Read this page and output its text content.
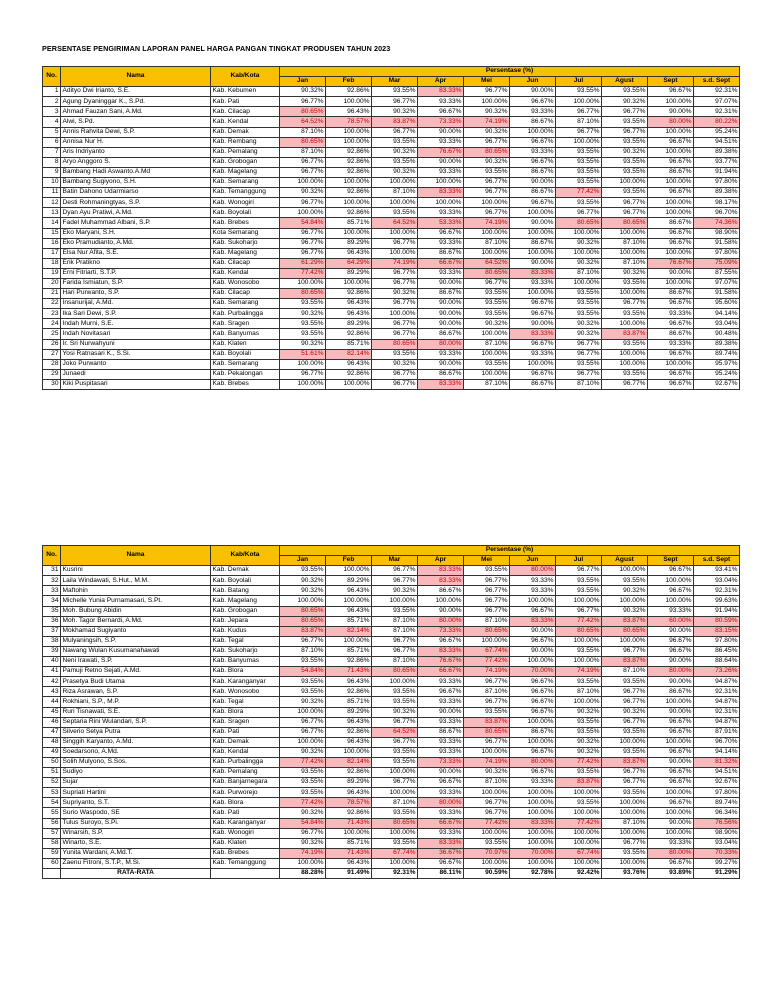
PERSENTASE PENGIRIMAN LAPORAN PANEL HARGA PANGAN TINGKAT PRODUSEN TAHUN 2023
No.	Nama	Kab/Kota	Persentase (%)									
			Jan	Feb	Mar	Apr	Mei	Jun	Jul	Agust	Sept	s.d. Sept
1	Adityo Dwi Irianto, S.E.	Kab. Kebumen	90.32%	92.86%	93.55%	83.33%	96.77%	90.00%	93.55%	93.55%	96.67%	92.31%
2	Agung Dyaninggar K., S.Pd.	Kab. Pati	96.77%	100.00%	96.77%	93.33%	100.00%	96.67%	100.00%	90.32%	100.00%	97.07%
3	Ahmad Fauzan Sani, A.Md.	Kab. Cilacap	80.65%	96.43%	90.32%	96.67%	90.32%	93.33%	96.77%	96.77%	90.00%	92.31%
4	Alwi, S.Pd.	Kab. Kendal	64.52%	78.57%	83.87%	73.33%	74.19%	86.67%	87.10%	93.55%	80.00%	80.22%
5	Annis Rahvita Dewi, S.P.	Kab. Demak	87.10%	100.00%	96.77%	90.00%	90.32%	100.00%	96.77%	96.77%	100.00%	95.24%
6	Annisa Nur H.	Kab. Rembang	80.65%	100.00%	93.55%	93.33%	96.77%	96.67%	100.00%	93.55%	96.67%	94.51%
7	Aris Indriyanto	Kab. Pemalang	87.10%	92.86%	90.32%	76.67%	80.65%	93.33%	93.55%	90.32%	100.00%	89.38%
8	Aryo Anggoro S.	Kab. Grobogan	96.77%	92.86%	93.55%	90.00%	90.32%	96.67%	93.55%	93.55%	96.67%	93.77%
9	Bambang Hadi Aswanto.A.Md	Kab. Magelang	96.77%	92.86%	90.32%	93.33%	93.55%	86.67%	93.55%	93.55%	86.67%	91.94%
10	Bambang Sugiyono, S.H.	Kab. Semarang	100.00%	100.00%	100.00%	100.00%	96.77%	90.00%	93.55%	100.00%	100.00%	97.80%
11	Batin Dahono Udarmiarso	Kab. Temanggung	90.32%	92.86%	87.10%	83.33%	96.77%	86.67%	77.42%	93.55%	96.67%	89.38%
12	Desti Rohmaningtyas, S.P.	Kab. Wonogiri	96.77%	100.00%	100.00%	100.00%	100.00%	96.67%	93.55%	96.77%	100.00%	98.17%
13	Dyan Ayu Pratiwi, A.Md.	Kab. Boyolali	100.00%	92.86%	93.55%	93.33%	96.77%	100.00%	96.77%	96.77%	100.00%	96.70%
14	Fadel Muhammad Albani, S.P.	Kab. Brebes	54.84%	85.71%	64.52%	53.33%	74.19%	90.00%	80.65%	80.65%	86.67%	74.36%
15	Eko Maryani, S.H.	Kota Semarang	96.77%	100.00%	100.00%	96.67%	100.00%	100.00%	100.00%	100.00%	96.67%	98.90%
16	Eko Pramudianto, A.Md.	Kab. Sukoharjo	96.77%	89.29%	96.77%	93.33%	87.10%	86.67%	90.32%	87.10%	96.67%	91.58%
17	Elsa Nur Afita, S.E.	Kab. Magelang	96.77%	96.43%	100.00%	86.67%	100.00%	100.00%	100.00%	100.00%	100.00%	97.80%
18	Erik Pratikno	Kab. Cilacap	61.29%	64.29%	74.19%	66.67%	64.52%	90.00%	90.32%	87.10%	76.67%	75.09%
19	Erni Fitriarti, S.T.P.	Kab. Kendal	77.42%	89.29%	96.77%	93.33%	80.65%	83.33%	87.10%	90.32%	90.00%	87.55%
20	Farida Ismiatun, S.P.	Kab. Wonosobo	100.00%	100.00%	96.77%	90.00%	96.77%	93.33%	100.00%	93.55%	100.00%	97.07%
21	Hari Purwanto, S.P.	Kab. Cilacap	80.65%	92.86%	90.32%	86.67%	93.55%	100.00%	93.55%	100.00%	86.67%	91.58%
22	Insanurijal, A.Md.	Kab. Semarang	93.55%	96.43%	96.77%	90.00%	93.55%	96.67%	93.55%	96.77%	96.67%	95.60%
23	Ika Sari Dewi, S.P.	Kab. Purbalingga	90.32%	96.43%	100.00%	90.00%	93.55%	96.67%	93.55%	93.55%	93.33%	94.14%
24	Indah Murni, S.E.	Kab. Sragen	93.55%	89.29%	96.77%	90.00%	90.32%	90.00%	90.32%	100.00%	96.67%	93.04%
25	Indah Novitasari	Kab. Banyumas	93.55%	92.86%	96.77%	86.67%	100.00%	83.33%	90.32%	83.87%	86.67%	90.48%
26	Ir. Sri Nurwahyuni	Kab. Klaten	90.32%	85.71%	80.65%	80.00%	87.10%	96.67%	96.77%	93.55%	93.33%	89.38%
27	Yosi Ratnasari K., S.Si.	Kab. Boyolali	51.61%	82.14%	93.55%	93.33%	100.00%	93.33%	96.77%	100.00%	96.67%	89.74%
28	Joko Purwanto	Kab. Semarang	100.00%	96.43%	90.32%	90.00%	93.55%	100.00%	93.55%	100.00%	100.00%	95.97%
29	Junaedi	Kab. Pekalongan	96.77%	92.86%	96.77%	86.67%	100.00%	96.67%	96.77%	93.55%	96.67%	95.24%
30	Kiki Puspitasari	Kab. Brebes	100.00%	100.00%	96.77%	83.33%	87.10%	86.67%	87.10%	96.77%	96.67%	92.67%
No.	Nama	Kab/Kota	Persentase (%)									
			Jan	Feb	Mar	Apr	Mei	Jun	Jul	Agust	Sept	s.d. Sept
31	Kusrini	Kab. Demak	93.55%	100.00%	96.77%	83.33%	93.55%	80.00%	96.77%	100.00%	96.67%	93.41%
32	Laila Windawati, S.Hut., M.M.	Kab. Boyolali	90.32%	89.29%	96.77%	83.33%	96.77%	93.33%	93.55%	93.55%	100.00%	93.04%
33	Maftohin	Kab. Batang	90.32%	96.43%	90.32%	86.67%	96.77%	93.33%	93.55%	90.32%	96.67%	92.31%
34	Michelle Yunia Purnamasari, S.Pt.	Kab. Magelang	100.00%	100.00%	100.00%	100.00%	96.77%	100.00%	100.00%	100.00%	100.00%	99.63%
35	Moh. Bubung Abidin	Kab. Grobogan	80.65%	96.43%	93.55%	90.00%	96.77%	96.67%	96.77%	90.32%	93.33%	91.94%
36	Moh. Tagor Bernardi, A.Md.	Kab. Jepara	80.65%	85.71%	87.10%	80.00%	87.10%	83.33%	77.42%	83.87%	60.00%	80.59%
37	Mokhamad Sugiyanto	Kab. Kudus	83.87%	82.14%	87.10%	73.33%	80.65%	90.00%	80.65%	80.65%	90.00%	83.15%
38	Mulyaningsih, S.P.	Kab. Tegal	96.77%	100.00%	96.77%	96.67%	100.00%	96.67%	100.00%	100.00%	96.67%	97.80%
39	Nawang Wulan Kusumanahawati	Kab. Sukoharjo	87.10%	85.71%	96.77%	83.33%	67.74%	90.00%	93.55%	96.77%	96.67%	86.45%
40	Neni Irawati, S.P.	Kab. Banyumas	93.55%	92.86%	87.10%	76.67%	77.42%	100.00%	100.00%	83.87%	90.00%	88.64%
41	Pamuji Retno Sejati, A.Md.	Kab. Blora	54.84%	71.43%	80.65%	66.67%	74.19%	70.00%	74.19%	87.10%	80.00%	73.26%
42	Prasetya Budi Utama	Kab. Karanganyar	93.55%	96.43%	100.00%	93.33%	96.77%	96.67%	93.55%	93.55%	90.00%	94.87%
43	Riza Asrawan, S.P.	Kab. Wonosobo	93.55%	92.86%	93.55%	96.67%	87.10%	96.67%	87.10%	96.77%	86.67%	92.31%
44	Rokhiani, S.P., M.P.	Kab. Tegal	90.32%	85.71%	93.55%	93.33%	96.77%	96.67%	100.00%	96.77%	100.00%	94.87%
45	Ruri Tisnawati, S.E.	Kab. Blora	100.00%	89.29%	90.32%	90.00%	93.55%	96.67%	90.32%	90.32%	90.00%	92.31%
46	Septaria Rini Wulandari, S.P.	Kab. Sragen	96.77%	96.43%	96.77%	93.33%	83.87%	100.00%	93.55%	96.77%	96.67%	94.87%
47	Silverio Setya Putra	Kab. Pati	96.77%	92.86%	64.52%	86.67%	80.65%	86.67%	93.55%	93.55%	96.67%	87.91%
48	Singgih Karyanto, A.Md.	Kab. Demak	100.00%	96.43%	96.77%	93.33%	96.77%	100.00%	90.32%	100.00%	100.00%	96.70%
49	Soedarsono, A.Md.	Kab. Kendal	90.32%	100.00%	93.55%	93.33%	100.00%	96.67%	90.32%	93.55%	96.67%	94.14%
50	Solih Mulyono, S.Sos.	Kab. Purbalingga	77.42%	82.14%	93.55%	73.33%	74.19%	80.00%	77.42%	83.87%	90.00%	81.32%
51	Sudiyo	Kab. Pemalang	93.55%	92.86%	100.00%	90.00%	90.32%	96.67%	93.55%	96.77%	96.67%	94.51%
52	Sujar	Kab. Banjarnegara	93.55%	89.29%	96.77%	96.67%	87.10%	93.33%	83.87%	96.77%	96.67%	92.67%
53	Supriati Hartini	Kab. Purworejo	93.55%	96.43%	100.00%	93.33%	100.00%	100.00%	100.00%	93.55%	100.00%	97.80%
54	Supriyanto, S.T.	Kab. Blora	77.42%	78.57%	87.10%	80.00%	96.77%	100.00%	93.55%	100.00%	96.67%	89.74%
55	Surio Waspodo, SE	Kab. Pati	90.32%	92.86%	93.55%	93.33%	96.77%	100.00%	100.00%	100.00%	100.00%	96.34%
56	Tulus Suroyo, S.Pi.	Kab. Karanganyar	54.84%	71.43%	80.65%	66.67%	77.42%	83.33%	77.42%	87.10%	90.00%	76.56%
57	Winarsih, S.P.	Kab. Wonogiri	96.77%	100.00%	100.00%	93.33%	100.00%	100.00%	100.00%	100.00%	100.00%	98.90%
58	Winarto, S.E.	Kab. Klaten	90.32%	85.71%	93.55%	83.33%	93.55%	100.00%	100.00%	96.77%	93.33%	93.04%
59	Yunita Wardani, A.Md.T.	Kab. Brebes	74.19%	71.43%	67.74%	36.67%	70.97%	70.00%	67.74%	93.55%	80.00%	70.33%
60	Zaenu Fitroni, S.T.P., M.Si.	Kab. Temanggung	100.00%	96.43%	100.00%	96.67%	100.00%	100.00%	100.00%	100.00%	96.67%	99.27%
	RATA-RATA		88.28%	91.49%	92.31%	86.11%	90.59%	92.78%	92.42%	93.76%	93.89%	91.29%
